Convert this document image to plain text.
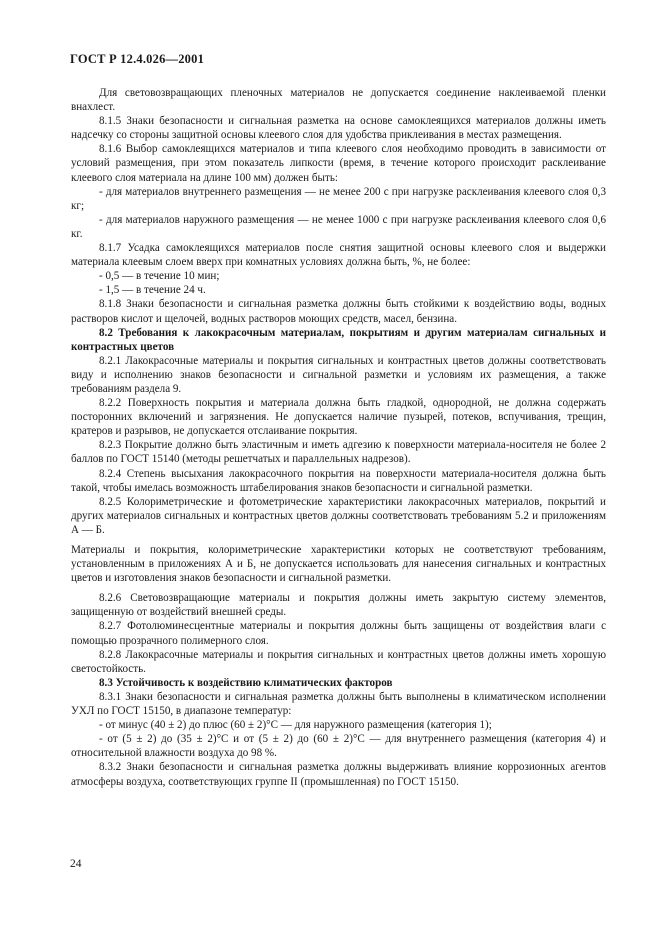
ГОСТ Р 12.4.026—2001

Для световозвращающих пленочных материалов не допускается соединение наклеиваемой пленки внахлест.

8.1.5 Знаки безопасности и сигнальная разметка на основе самоклеящихся материалов должны иметь надсечку со стороны защитной основы клеевого слоя для удобства приклеивания в местах размещения.

8.1.6 Выбор самоклеящихся материалов и типа клеевого слоя необходимо проводить в зависимости от условий размещения, при этом показатель липкости (время, в течение которого происходит расклеивание клеевого слоя материала на длине 100 мм) должен быть:

- для материалов внутреннего размещения — не менее 200 с при нагрузке расклеивания клеевого слоя 0,3 кг;

- для материалов наружного размещения — не менее 1000 с при нагрузке расклеивания клеевого слоя 0,6 кг.

8.1.7 Усадка самоклеящихся материалов после снятия защитной основы клеевого слоя и выдержки материала клеевым слоем вверх при комнатных условиях должна быть, %, не более:

- 0,5 — в течение 10 мин;

- 1,5 — в течение 24 ч.

8.1.8 Знаки безопасности и сигнальная разметка должны быть стойкими к воздействию воды, водных растворов кислот и щелочей, водных растворов моющих средств, масел, бензина.

8.2 Требования к лакокрасочным материалам, покрытиям и другим материалам сигнальных и контрастных цветов

8.2.1 Лакокрасочные материалы и покрытия сигнальных и контрастных цветов должны соответствовать виду и исполнению знаков безопасности и сигнальной разметки и условиям их размещения, а также требованиям раздела 9.

8.2.2 Поверхность покрытия и материала должна быть гладкой, однородной, не должна содержать посторонних включений и загрязнения. Не допускается наличие пузырей, потеков, вспучивания, трещин, кратеров и разрывов, не допускается отслаивание покрытия.

8.2.3 Покрытие должно быть эластичным и иметь адгезию к поверхности материала-носителя не более 2 баллов по ГОСТ 15140 (методы решетчатых и параллельных надрезов).

8.2.4 Степень высыхания лакокрасочного покрытия на поверхности материала-носителя должна быть такой, чтобы имелась возможность штабелирования знаков безопасности и сигнальной разметки.

8.2.5 Колориметрические и фотометрические характеристики лакокрасочных материалов, покрытий и других материалов сигнальных и контрастных цветов должны соответствовать требованиям 5.2 и приложениям А — Б.

Материалы и покрытия, колориметрические характеристики которых не соответствуют требованиям, установленным в приложениях А и Б, не допускается использовать для нанесения сигнальных и контрастных цветов и изготовления знаков безопасности и сигнальной разметки.

8.2.6 Световозвращающие материалы и покрытия должны иметь закрытую систему элементов, защищенную от воздействий внешней среды.

8.2.7 Фотолюминесцентные материалы и покрытия должны быть защищены от воздействия влаги с помощью прозрачного полимерного слоя.

8.2.8 Лакокрасочные материалы и покрытия сигнальных и контрастных цветов должны иметь хорошую светостойкость.

8.3 Устойчивость к воздействию климатических факторов

8.3.1 Знаки безопасности и сигнальная разметка должны быть выполнены в климатическом исполнении УХЛ по ГОСТ 15150, в диапазоне температур:

- от минус (40 ± 2) до плюс (60 ± 2)°С — для наружного размещения (категория 1);

- от (5 ± 2) до (35 ± 2)°С и от (5 ± 2) до (60 ± 2)°С — для внутреннего размещения (категория 4) и относительной влажности воздуха до 98 %.

8.3.2 Знаки безопасности и сигнальная разметка должны выдерживать влияние коррозионных агентов атмосферы воздуха, соответствующих группе II (промышленная) по ГОСТ 15150.

24
